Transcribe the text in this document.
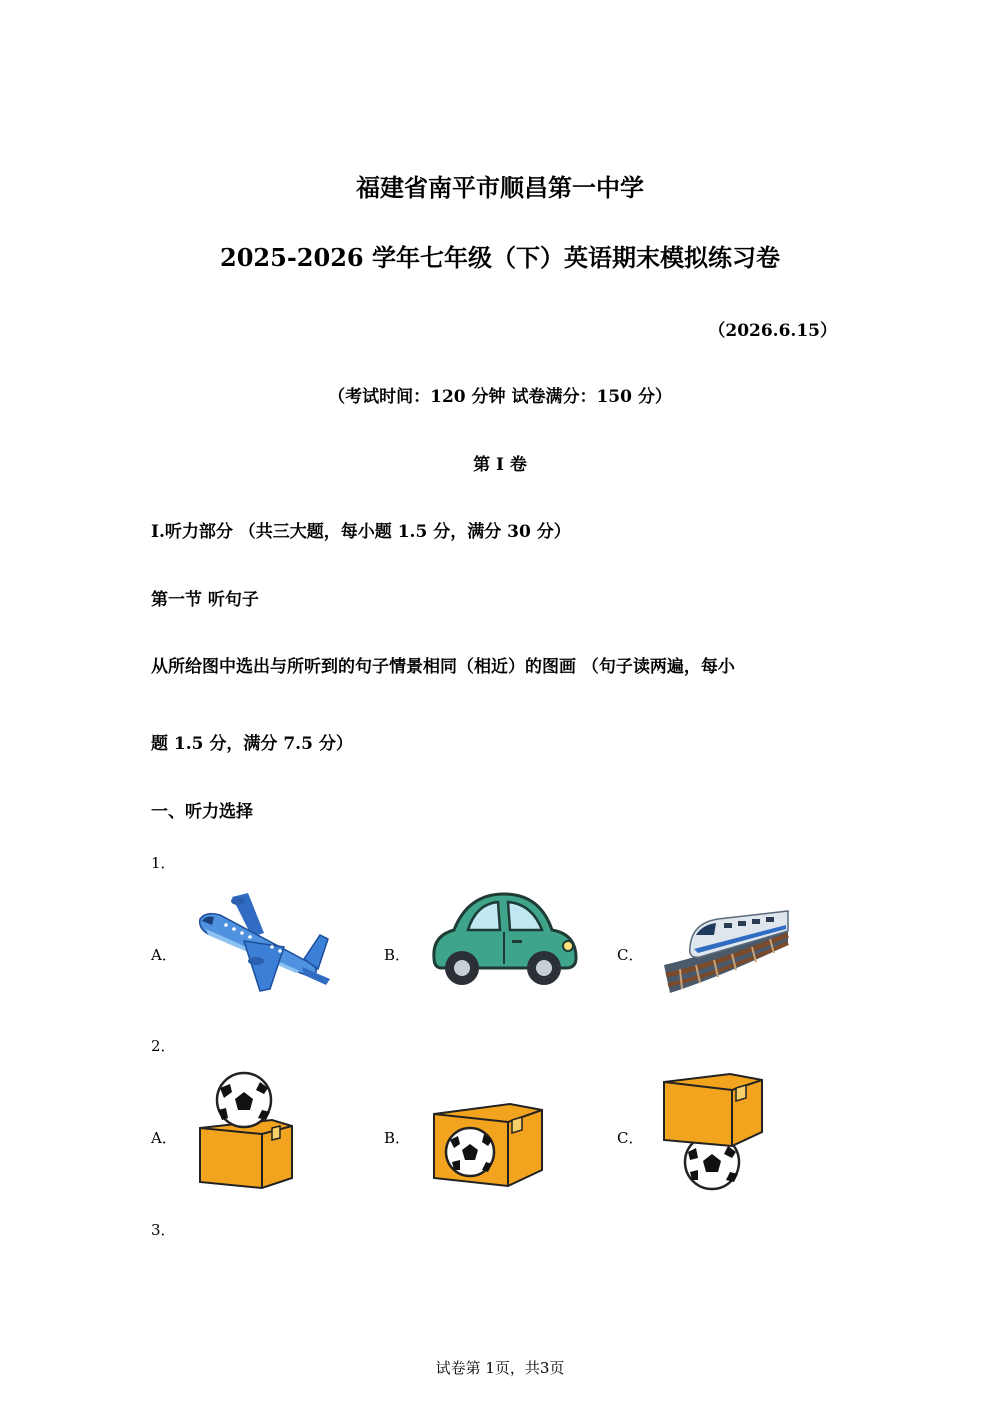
福建省南平市顺昌第一中学
2025-2026 学年七年级（下）英语期末模拟练习卷
（2026.6.15）
（考试时间：120 分钟 试卷满分：150 分）
第 I 卷
I.听力部分 （共三大题，每小题 1.5 分，满分 30 分）
第一节 听句子
从所给图中选出与所听到的句子情景相同（相近）的图画 （句子读两遍，每小
题 1.5 分，满分 7.5 分）
一、听力选择
1．
A．	B．	C．
2．
A．	B．	C．
3．
试卷第 1页，共3页
